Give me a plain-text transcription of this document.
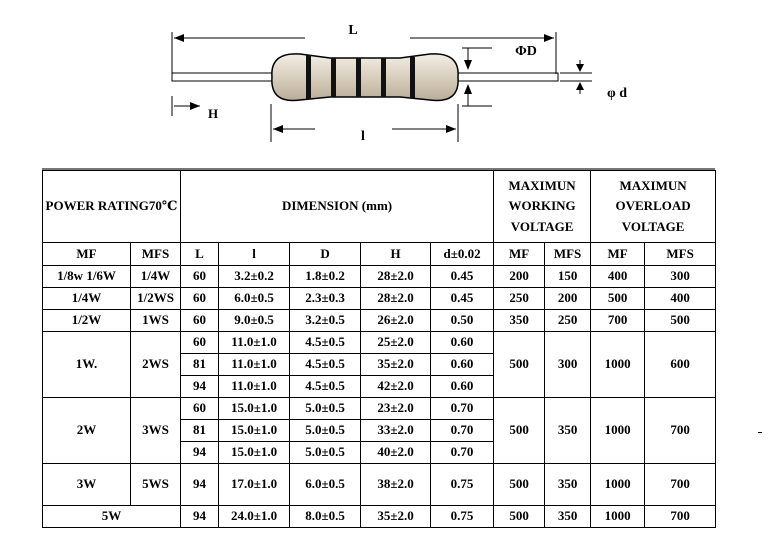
L
ΦD
φ d
H
l
POWER RATING70℃		DIMENSION (mm)					MAXIMUN WORKING VOLTAGE		MAXIMUN OVERLOAD VOLTAGE	
MF	MFS	L	l	D	H	d±0.02	MF	MFS	MF	MFS
1/8w 1/6W	1/4W	60	3.2±0.2	1.8±0.2	28±2.0	0.45	200	150	400	300
1/4W	1/2WS	60	6.0±0.5	2.3±0.3	28±2.0	0.45	250	200	500	400
1/2W	1WS	60	9.0±0.5	3.2±0.5	26±2.0	0.50	350	250	700	500
1W.	2WS	60	11.0±1.0	4.5±0.5	25±2.0	0.60	500	300	1000	600
		81	11.0±1.0	4.5±0.5	35±2.0	0.60				
		94	11.0±1.0	4.5±0.5	42±2.0	0.60				
2W	3WS	60	15.0±1.0	5.0±0.5	23±2.0	0.70	500	350	1000	700
		81	15.0±1.0	5.0±0.5	33±2.0	0.70				
		94	15.0±1.0	5.0±0.5	40±2.0	0.70				
3W	5WS	94	17.0±1.0	6.0±0.5	38±2.0	0.75	500	350	1000	700
5W		94	24.0±1.0	8.0±0.5	35±2.0	0.75	500	350	1000	700
